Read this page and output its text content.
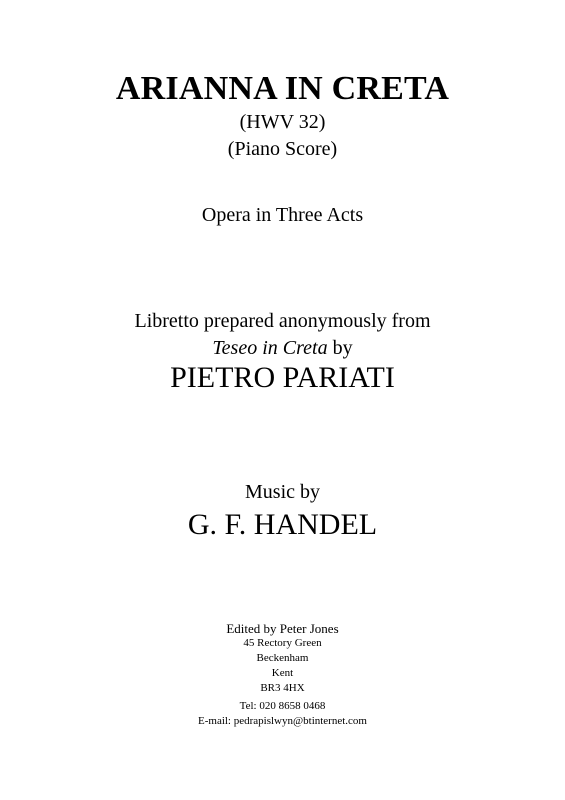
ARIANNA IN CRETA
(HWV 32)
(Piano Score)
Opera in Three Acts
Libretto prepared anonymously from
Teseo in Creta by
PIETRO PARIATI
Music by
G. F. HANDEL
Edited by Peter Jones
45 Rectory Green
Beckenham
Kent
BR3 4HX
Tel: 020 8658 0468
E-mail: pedrapislwyn@btinternet.com
